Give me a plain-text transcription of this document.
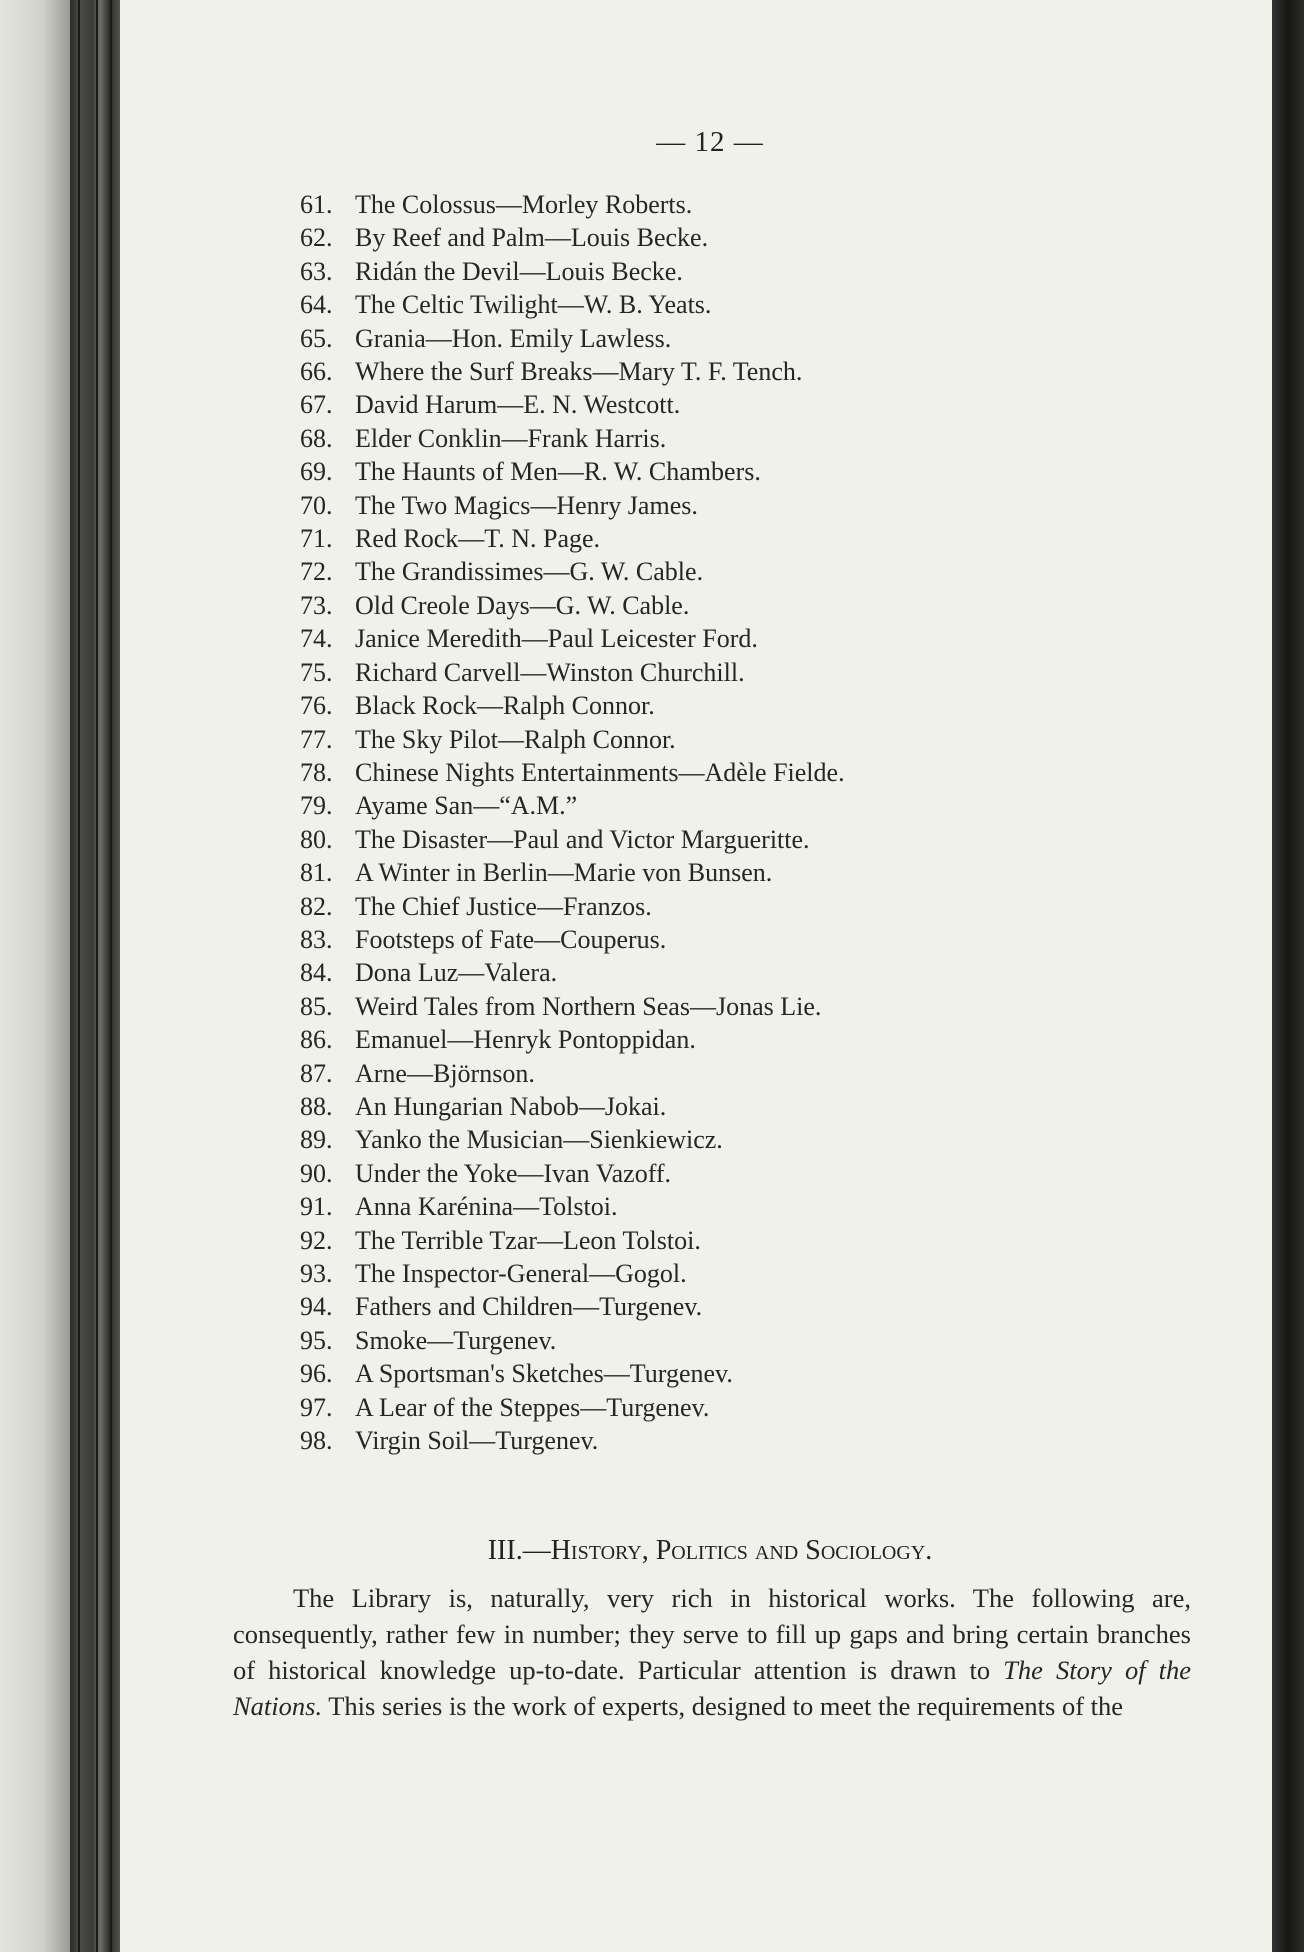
— 12 —
61. The Colossus—Morley Roberts.
62. By Reef and Palm—Louis Becke.
63. Ridán the Devil—Louis Becke.
64. The Celtic Twilight—W. B. Yeats.
65. Grania—Hon. Emily Lawless.
66. Where the Surf Breaks—Mary T. F. Tench.
67. David Harum—E. N. Westcott.
68. Elder Conklin—Frank Harris.
69. The Haunts of Men—R. W. Chambers.
70. The Two Magics—Henry James.
71. Red Rock—T. N. Page.
72. The Grandissimes—G. W. Cable.
73. Old Creole Days—G. W. Cable.
74. Janice Meredith—Paul Leicester Ford.
75. Richard Carvell—Winston Churchill.
76. Black Rock—Ralph Connor.
77. The Sky Pilot—Ralph Connor.
78. Chinese Nights Entertainments—Adèle Fielde.
79. Ayame San—“A.M.”
80. The Disaster—Paul and Victor Margueritte.
81. A Winter in Berlin—Marie von Bunsen.
82. The Chief Justice—Franzos.
83. Footsteps of Fate—Couperus.
84. Dona Luz—Valera.
85. Weird Tales from Northern Seas—Jonas Lie.
86. Emanuel—Henryk Pontoppidan.
87. Arne—Björnson.
88. An Hungarian Nabob—Jokai.
89. Yanko the Musician—Sienkiewicz.
90. Under the Yoke—Ivan Vazoff.
91. Anna Karénina—Tolstoi.
92. The Terrible Tzar—Leon Tolstoi.
93. The Inspector-General—Gogol.
94. Fathers and Children—Turgenev.
95. Smoke—Turgenev.
96. A Sportsman's Sketches—Turgenev.
97. A Lear of the Steppes—Turgenev.
98. Virgin Soil—Turgenev.
III.—History, Politics and Sociology.

The Library is, naturally, very rich in historical works. The following are, consequently, rather few in number; they serve to fill up gaps and bring certain branches of historical knowledge up-to-date. Particular attention is drawn to The Story of the Nations. This series is the work of experts, designed to meet the requirements of the
